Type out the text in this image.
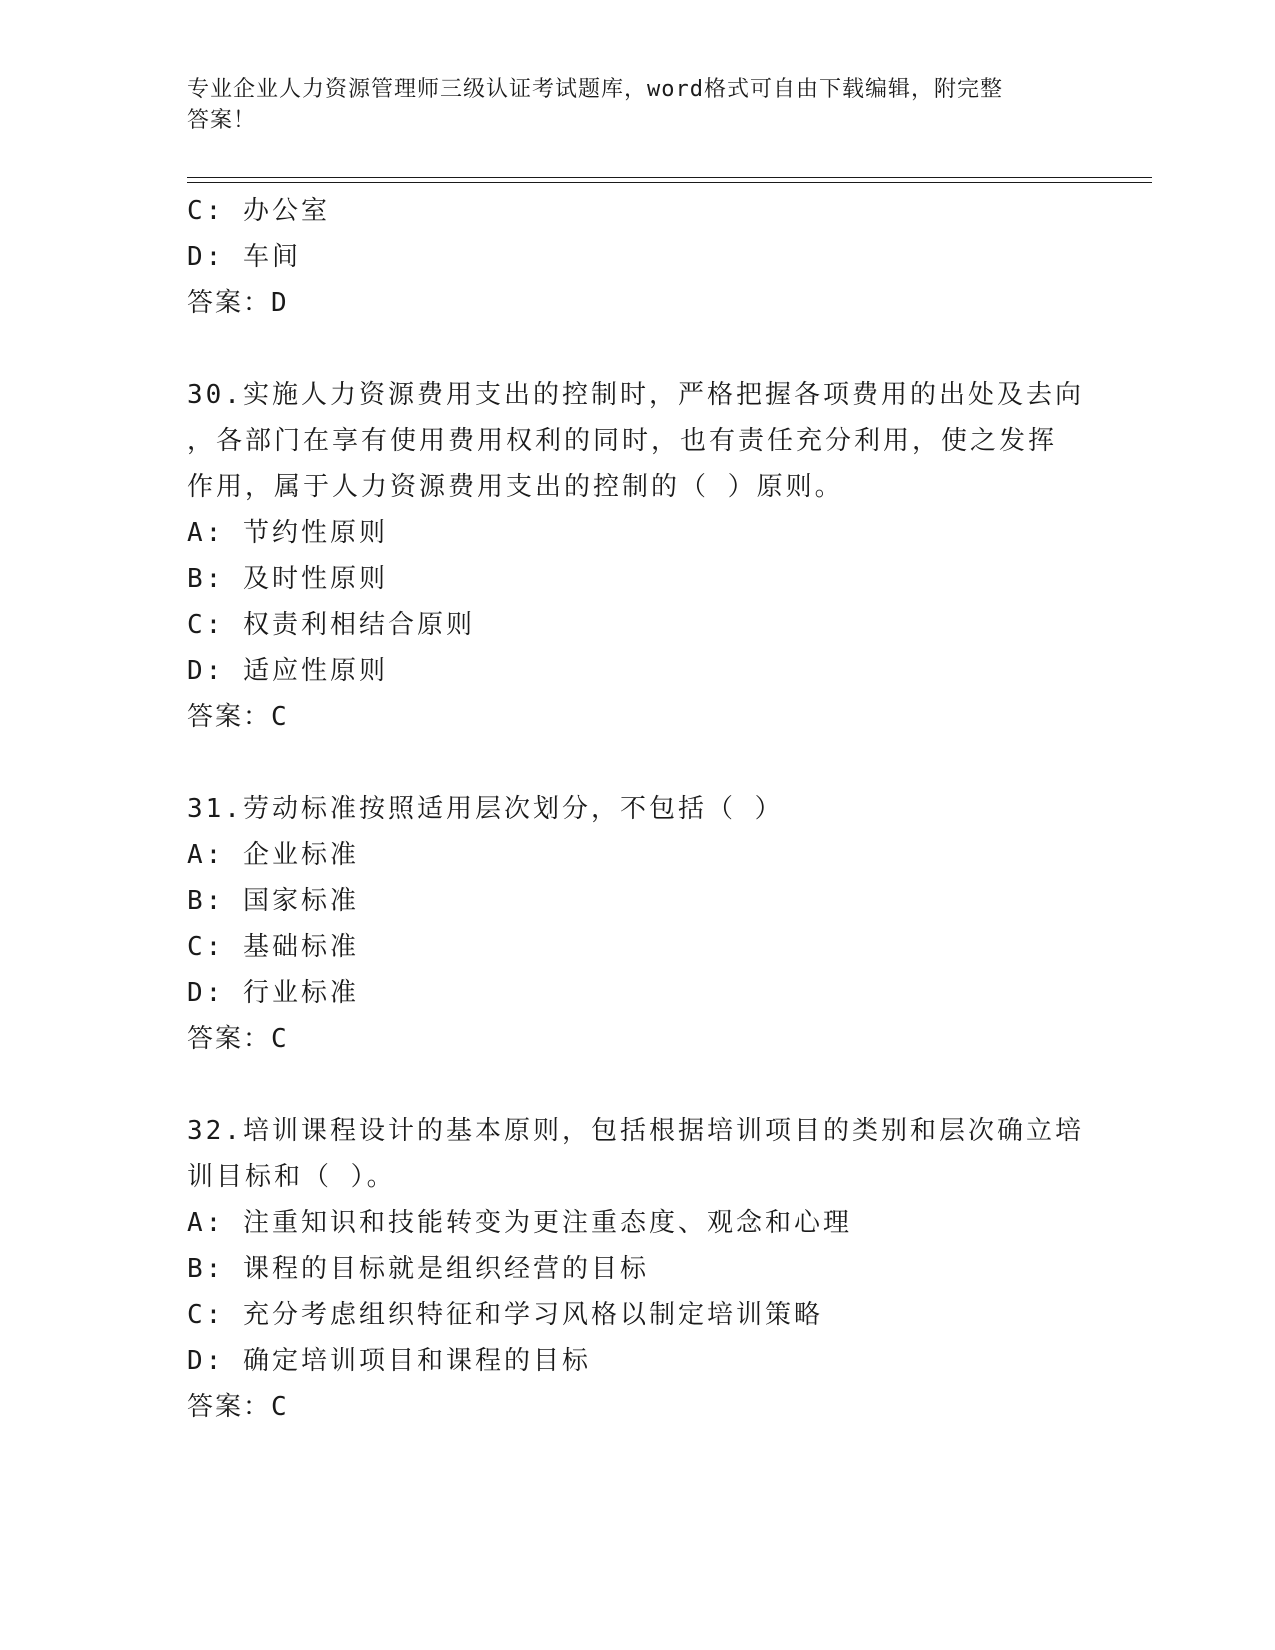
专业企业人力资源管理师三级认证考试题库，word格式可自由下载编辑，附完整
答案！
C: 办公室
D: 车间
答案：D
30.实施人力资源费用支出的控制时，严格把握各项费用的出处及去向
，各部门在享有使用费用权利的同时，也有责任充分利用，使之发挥
作用，属于人力资源费用支出的控制的（ ）原则。
A: 节约性原则
B: 及时性原则
C: 权责利相结合原则
D: 适应性原则
答案：C
31.劳动标准按照适用层次划分，不包括（ ）
A: 企业标准
B: 国家标准
C: 基础标准
D: 行业标准
答案：C
32.培训课程设计的基本原则，包括根据培训项目的类别和层次确立培
训目标和（ ）。
A: 注重知识和技能转变为更注重态度、观念和心理
B: 课程的目标就是组织经营的目标
C: 充分考虑组织特征和学习风格以制定培训策略
D: 确定培训项目和课程的目标
答案：C
